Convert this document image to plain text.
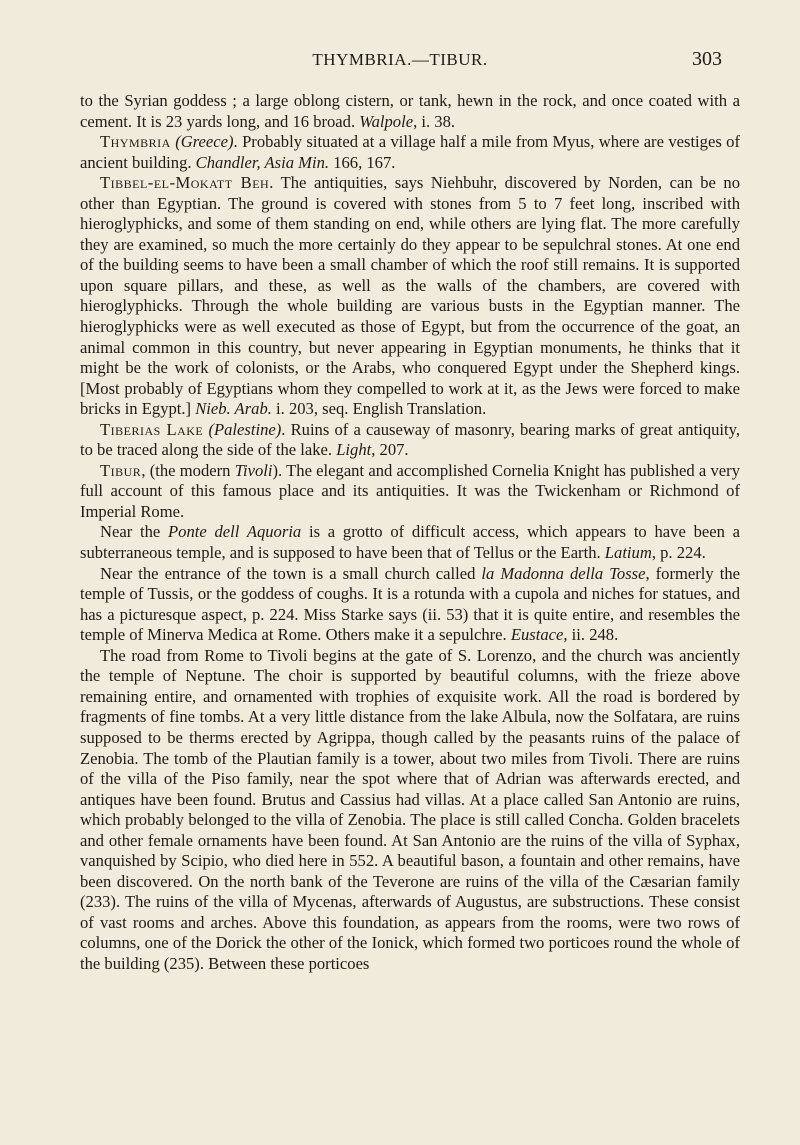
THYMBRIA.—TIBUR.	303

to the Syrian goddess ; a large oblong cistern, or tank, hewn in the rock, and once coated with a cement. It is 23 yards long, and 16 broad. Walpole, i. 38.

Thymbria (Greece). Probably situated at a village half a mile from Myus, where are vestiges of ancient building. Chandler, Asia Min. 166, 167.

Tibbel-el-Mokatt Beh. The antiquities, says Niehbuhr, discovered by Norden, can be no other than Egyptian. The ground is covered with stones from 5 to 7 feet long, inscribed with hieroglyphicks, and some of them standing on end, while others are lying flat. The more carefully they are examined, so much the more certainly do they appear to be sepulchral stones. At one end of the building seems to have been a small chamber of which the roof still remains. It is supported upon square pillars, and these, as well as the walls of the chambers, are covered with hieroglyphicks. Through the whole building are various busts in the Egyptian manner. The hieroglyphicks were as well executed as those of Egypt, but from the occurrence of the goat, an animal common in this country, but never appearing in Egyptian monuments, he thinks that it might be the work of colonists, or the Arabs, who conquered Egypt under the Shepherd kings. [Most probably of Egyptians whom they compelled to work at it, as the Jews were forced to make bricks in Egypt.] Nieb. Arab. i. 203, seq. English Translation.

Tiberias Lake (Palestine). Ruins of a causeway of masonry, bearing marks of great antiquity, to be traced along the side of the lake. Light, 207.

Tibur, (the modern Tivoli). The elegant and accomplished Cornelia Knight has published a very full account of this famous place and its antiquities. It was the Twickenham or Richmond of Imperial Rome.

Near the Ponte dell Aquoria is a grotto of difficult access, which appears to have been a subterraneous temple, and is supposed to have been that of Tellus or the Earth. Latium, p. 224.

Near the entrance of the town is a small church called la Madonna della Tosse, formerly the temple of Tussis, or the goddess of coughs. It is a rotunda with a cupola and niches for statues, and has a picturesque aspect, p. 224. Miss Starke says (ii. 53) that it is quite entire, and resembles the temple of Minerva Medica at Rome. Others make it a sepulchre. Eustace, ii. 248.

The road from Rome to Tivoli begins at the gate of S. Lorenzo, and the church was anciently the temple of Neptune. The choir is supported by beautiful columns, with the frieze above remaining entire, and ornamented with trophies of exquisite work. All the road is bordered by fragments of fine tombs. At a very little distance from the lake Albula, now the Solfatara, are ruins supposed to be therms erected by Agrippa, though called by the peasants ruins of the palace of Zenobia. The tomb of the Plautian family is a tower, about two miles from Tivoli. There are ruins of the villa of the Piso family, near the spot where that of Adrian was afterwards erected, and antiques have been found. Brutus and Cassius had villas. At a place called San Antonio are ruins, which probably belonged to the villa of Zenobia. The place is still called Concha. Golden bracelets and other female ornaments have been found. At San Antonio are the ruins of the villa of Syphax, vanquished by Scipio, who died here in 552. A beautiful bason, a fountain and other remains, have been discovered. On the north bank of the Teverone are ruins of the villa of the Cæsarian family (233). The ruins of the villa of Mycenas, afterwards of Augustus, are substructions. These consist of vast rooms and arches. Above this foundation, as appears from the rooms, were two rows of columns, one of the Dorick the other of the Ionick, which formed two porticoes round the whole of the building (235). Between these porticoes
